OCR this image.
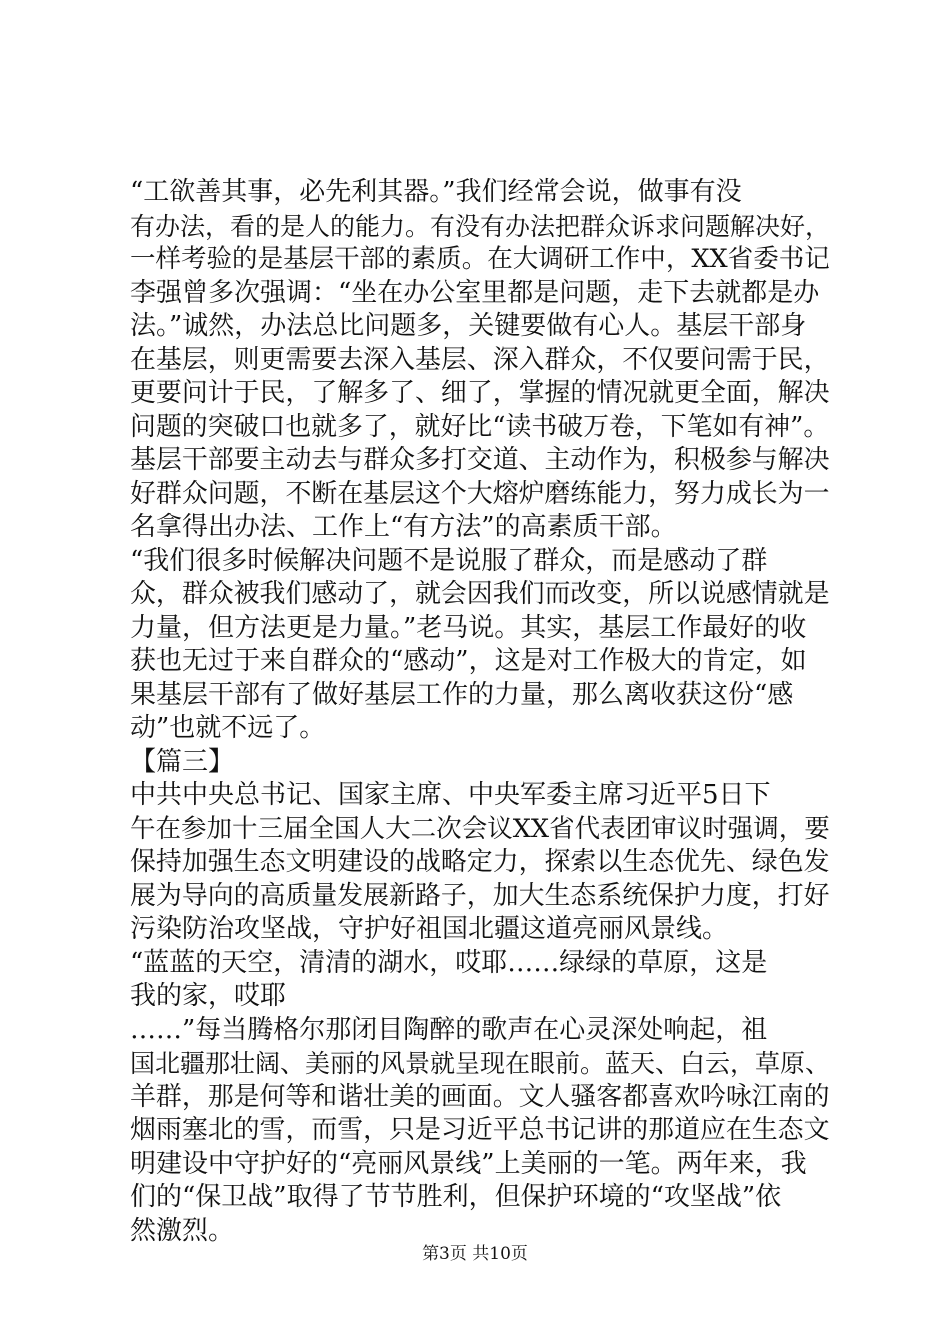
“工欲善其事，必先利其器。”我们经常会说，做事有没
有办法，看的是人的能力。有没有办法把群众诉求问题解决好，
一样考验的是基层干部的素质。在大调研工作中，XX省委书记
李强曾多次强调：“坐在办公室里都是问题，走下去就都是办
法。”诚然，办法总比问题多，关键要做有心人。基层干部身
在基层，则更需要去深入基层、深入群众，不仅要问需于民，
更要问计于民，了解多了、细了，掌握的情况就更全面，解决
问题的突破口也就多了，就好比“读书破万卷，下笔如有神”。
基层干部要主动去与群众多打交道、主动作为，积极参与解决
好群众问题，不断在基层这个大熔炉磨练能力，努力成长为一
名拿得出办法、工作上“有方法”的高素质干部。
“我们很多时候解决问题不是说服了群众，而是感动了群
众，群众被我们感动了，就会因我们而改变，所以说感情就是
力量，但方法更是力量。”老马说。其实，基层工作最好的收
获也无过于来自群众的“感动”，这是对工作极大的肯定，如
果基层干部有了做好基层工作的力量，那么离收获这份“感
动”也就不远了。
【篇三】
中共中央总书记、国家主席、中央军委主席习近平5日下
午在参加十三届全国人大二次会议XX省代表团审议时强调，要
保持加强生态文明建设的战略定力，探索以生态优先、绿色发
展为导向的高质量发展新路子，加大生态系统保护力度，打好
污染防治攻坚战，守护好祖国北疆这道亮丽风景线。
“蓝蓝的天空，清清的湖水，哎耶……绿绿的草原，这是
我的家，哎耶
……”每当腾格尔那闭目陶醉的歌声在心灵深处响起，祖
国北疆那壮阔、美丽的风景就呈现在眼前。蓝天、白云，草原、
羊群，那是何等和谐壮美的画面。文人骚客都喜欢吟咏江南的
烟雨塞北的雪，而雪，只是习近平总书记讲的那道应在生态文
明建设中守护好的“亮丽风景线”上美丽的一笔。两年来，我
们的“保卫战”取得了节节胜利，但保护环境的“攻坚战”依
然激烈。
第3页 共10页
